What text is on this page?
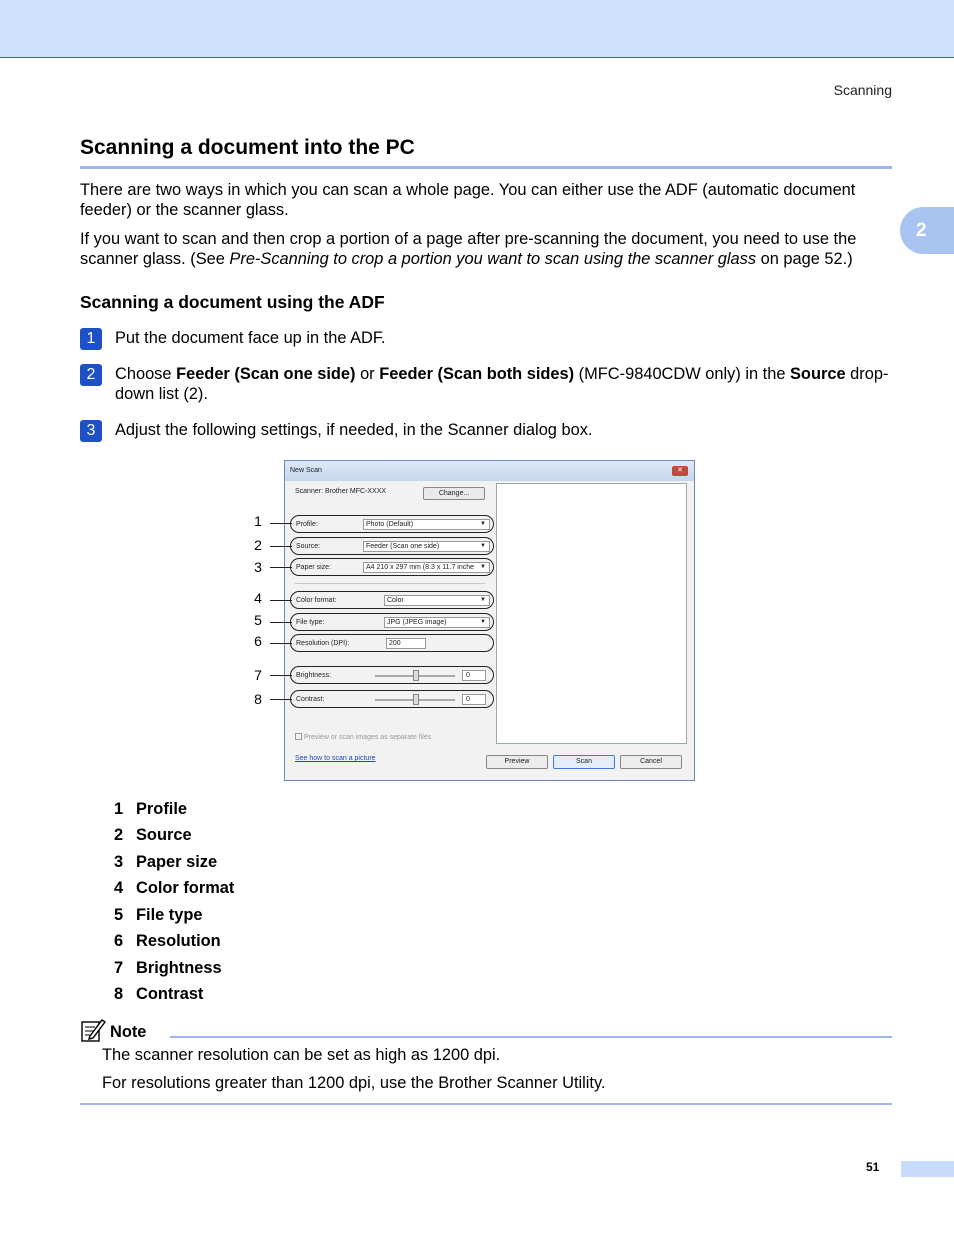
Scanning
2
Scanning a document into the PC

There are two ways in which you can scan a whole page. You can either use the ADF (automatic document feeder) or the scanner glass.

If you want to scan and then crop a portion of a page after pre-scanning the document, you need to use the scanner glass. (See Pre-Scanning to crop a portion you want to scan using the scanner glass on page 52.)

Scanning a document using the ADF
1	Put the document face up in the ADF.
2	Choose Feeder (Scan one side) or Feeder (Scan both sides) (MFC-9840CDW only) in the Source drop-down list (2).
3	Adjust the following settings, if needed, in the Scanner dialog box.
New Scan	✕
Scanner: Brother MFC-XXXX	Change...
Profile:	Photo (Default)	▼
Source:	Feeder (Scan one side)	▼
Paper size:	A4 210 x 297 mm (8.3 x 11.7 inche ▼
Color format:	Color	▼
File type:	JPG (JPEG image)	▼
Resolution (DPI):	200
Brightness:	0
Contrast:	0
Preview or scan images as separate files
See how to scan a picture	Preview	Scan	Cancel
1
2
3
4
5
6
7
8
1 Profile
2 Source
3 Paper size
4 Color format
5 File type
6 Resolution
7 Brightness
8 Contrast
Note
The scanner resolution can be set as high as 1200 dpi.
For resolutions greater than 1200 dpi, use the Brother Scanner Utility.
51
